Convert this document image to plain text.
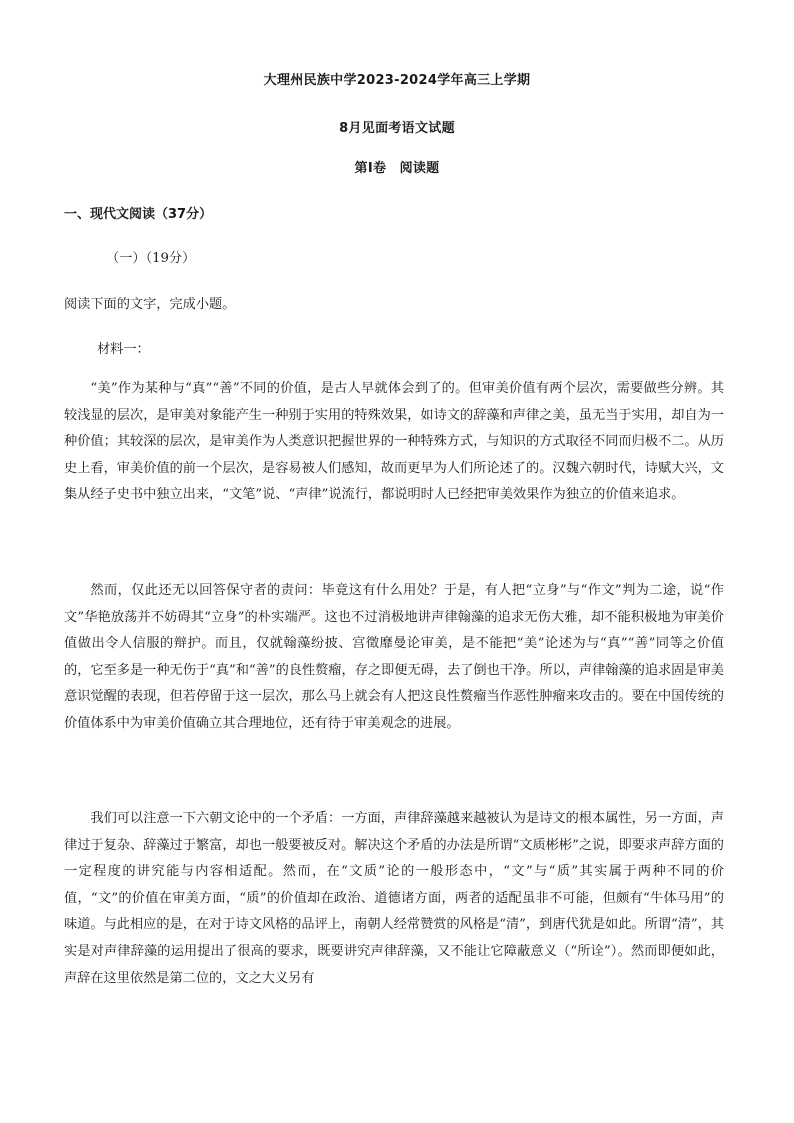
大理州民族中学2023-2024学年高三上学期
8月见面考语文试题
第Ⅰ卷　阅读题
一、现代文阅读（37分）
（一）（19分）
阅读下面的文字，完成小题。
材料一：

“美”作为某种与“真”“善”不同的价值，是古人早就体会到了的。但审美价值有两个层次，需要做些分辨。其较浅显的层次，是审美对象能产生一种别于实用的特殊效果，如诗文的辞藻和声律之美，虽无当于实用，却自为一种价值；其较深的层次，是审美作为人类意识把握世界的一种特殊方式，与知识的方式取径不同而归极不二。从历史上看，审美价值的前一个层次，是容易被人们感知，故而更早为人们所论述了的。汉魏六朝时代，诗赋大兴，文集从经子史书中独立出来，“文笔”说、“声律”说流行，都说明时人已经把审美效果作为独立的价值来追求。

然而，仅此还无以回答保守者的责问：毕竟这有什么用处？于是，有人把“立身”与“作文”判为二途，说“作文”华艳放荡并不妨碍其“立身”的朴实端严。这也不过消极地讲声律翰藻的追求无伤大雅，却不能积极地为审美价值做出令人信服的辩护。而且，仅就翰藻纷披、宫徵靡曼论审美，是不能把“美”论述为与“真”“善”同等之价值的，它至多是一种无伤于“真”和“善”的良性赘瘤，存之即便无碍，去了倒也干净。所以，声律翰藻的追求固是审美意识觉醒的表现，但若停留于这一层次，那么马上就会有人把这良性赘瘤当作恶性肿瘤来攻击的。要在中国传统的价值体系中为审美价值确立其合理地位，还有待于审美观念的进展。

我们可以注意一下六朝文论中的一个矛盾：一方面，声律辞藻越来越被认为是诗文的根本属性，另一方面，声律过于复杂、辞藻过于繁富，却也一般要被反对。解决这个矛盾的办法是所谓“文质彬彬”之说，即要求声辞方面的一定程度的讲究能与内容相适配。然而，在“文质”论的一般形态中，“文”与“质”其实属于两种不同的价值，“文”的价值在审美方面，“质”的价值却在政治、道德诸方面，两者的适配虽非不可能，但颇有“牛体马用”的味道。与此相应的是，在对于诗文风格的品评上，南朝人经常赞赏的风格是“清”，到唐代犹是如此。所谓“清”，其实是对声律辞藻的运用提出了很高的要求，既要讲究声律辞藻，又不能让它障蔽意义（“所诠”）。然而即便如此，声辞在这里依然是第二位的，文之大义另有
